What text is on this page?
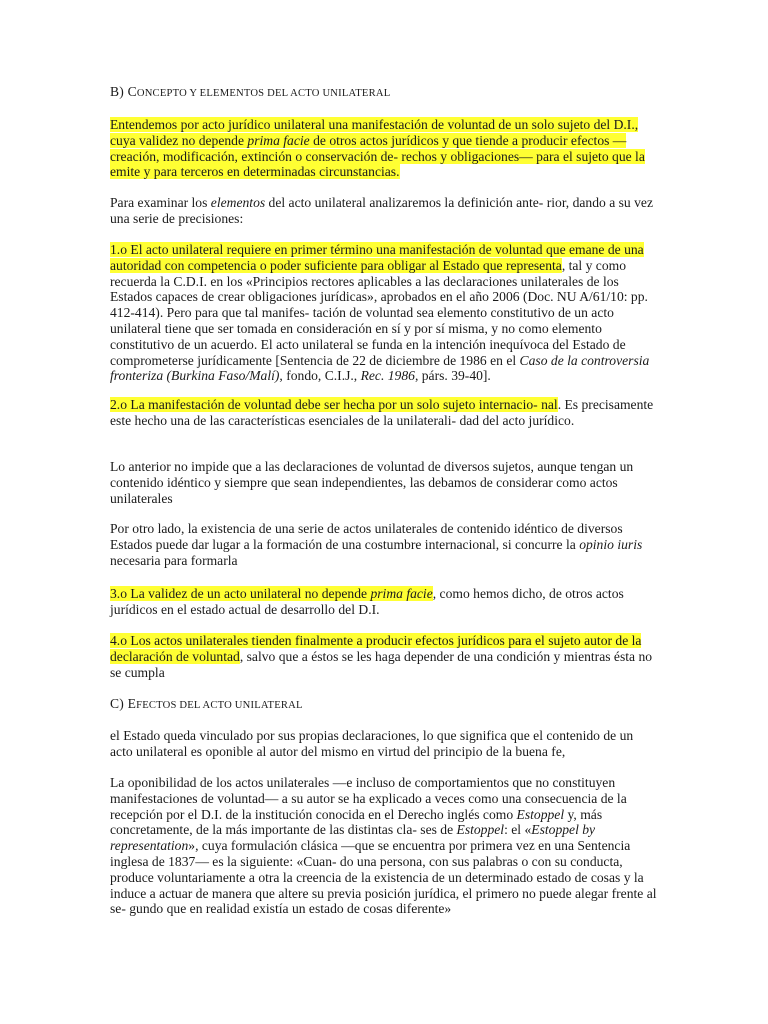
B) CONCEPTO Y ELEMENTOS DEL ACTO UNILATERAL

Entendemos por acto jurídico unilateral una manifestación de voluntad de un solo sujeto del D.I., cuya validez no depende prima facie de otros actos jurídicos y que tiende a producir efectos —creación, modificación, extinción o conservación de- rechos y obligaciones— para el sujeto que la emite y para terceros en determinadas circunstancias.

Para examinar los elementos del acto unilateral analizaremos la definición ante- rior, dando a su vez una serie de precisiones:

1.o El acto unilateral requiere en primer término una manifestación de voluntad que emane de una autoridad con competencia o poder suficiente para obligar al Estado que representa, tal y como recuerda la C.D.I. en los «Principios rectores aplicables a las declaraciones unilaterales de los Estados capaces de crear obligaciones jurídicas», aprobados en el año 2006 (Doc. NU A/61/10: pp. 412-414). Pero para que tal manifes- tación de voluntad sea elemento constitutivo de un acto unilateral tiene que ser tomada en consideración en sí y por sí misma, y no como elemento constitutivo de un acuerdo. El acto unilateral se funda en la intención inequívoca del Estado de comprometerse jurídicamente [Sentencia de 22 de diciembre de 1986 en el Caso de la controversia fronteriza (Burkina Faso/Malí), fondo, C.I.J., Rec. 1986, párs. 39-40].

2.o La manifestación de voluntad debe ser hecha por un solo sujeto internacio- nal. Es precisamente este hecho una de las características esenciales de la unilaterali- dad del acto jurídico.

Lo anterior no impide que a las declaraciones de voluntad de diversos sujetos, aunque tengan un contenido idéntico y siempre que sean independientes, las debamos de considerar como actos unilaterales

Por otro lado, la existencia de una serie de actos unilaterales de contenido idéntico de diversos Estados puede dar lugar a la formación de una costumbre internacional, si concurre la opinio iuris necesaria para formarla

3.o La validez de un acto unilateral no depende prima facie, como hemos dicho, de otros actos jurídicos en el estado actual de desarrollo del D.I.

4.o Los actos unilaterales tienden finalmente a producir efectos jurídicos para el sujeto autor de la declaración de voluntad, salvo que a éstos se les haga depender de una condición y mientras ésta no se cumpla

C) EFECTOS DEL ACTO UNILATERAL

el Estado queda vinculado por sus propias declaraciones, lo que significa que el contenido de un acto unilateral es oponible al autor del mismo en virtud del principio de la buena fe,

La oponibilidad de los actos unilaterales —e incluso de comportamientos que no constituyen manifestaciones de voluntad— a su autor se ha explicado a veces como una consecuencia de la recepción por el D.I. de la institución conocida en el Derecho inglés como Estoppel y, más concretamente, de la más importante de las distintas cla- ses de Estoppel: el «Estoppel by representation», cuya formulación clásica —que se encuentra por primera vez en una Sentencia inglesa de 1837— es la siguiente: «Cuan- do una persona, con sus palabras o con su conducta, produce voluntariamente a otra la creencia de la existencia de un determinado estado de cosas y la induce a actuar de manera que altere su previa posición jurídica, el primero no puede alegar frente al se- gundo que en realidad existía un estado de cosas diferente»
